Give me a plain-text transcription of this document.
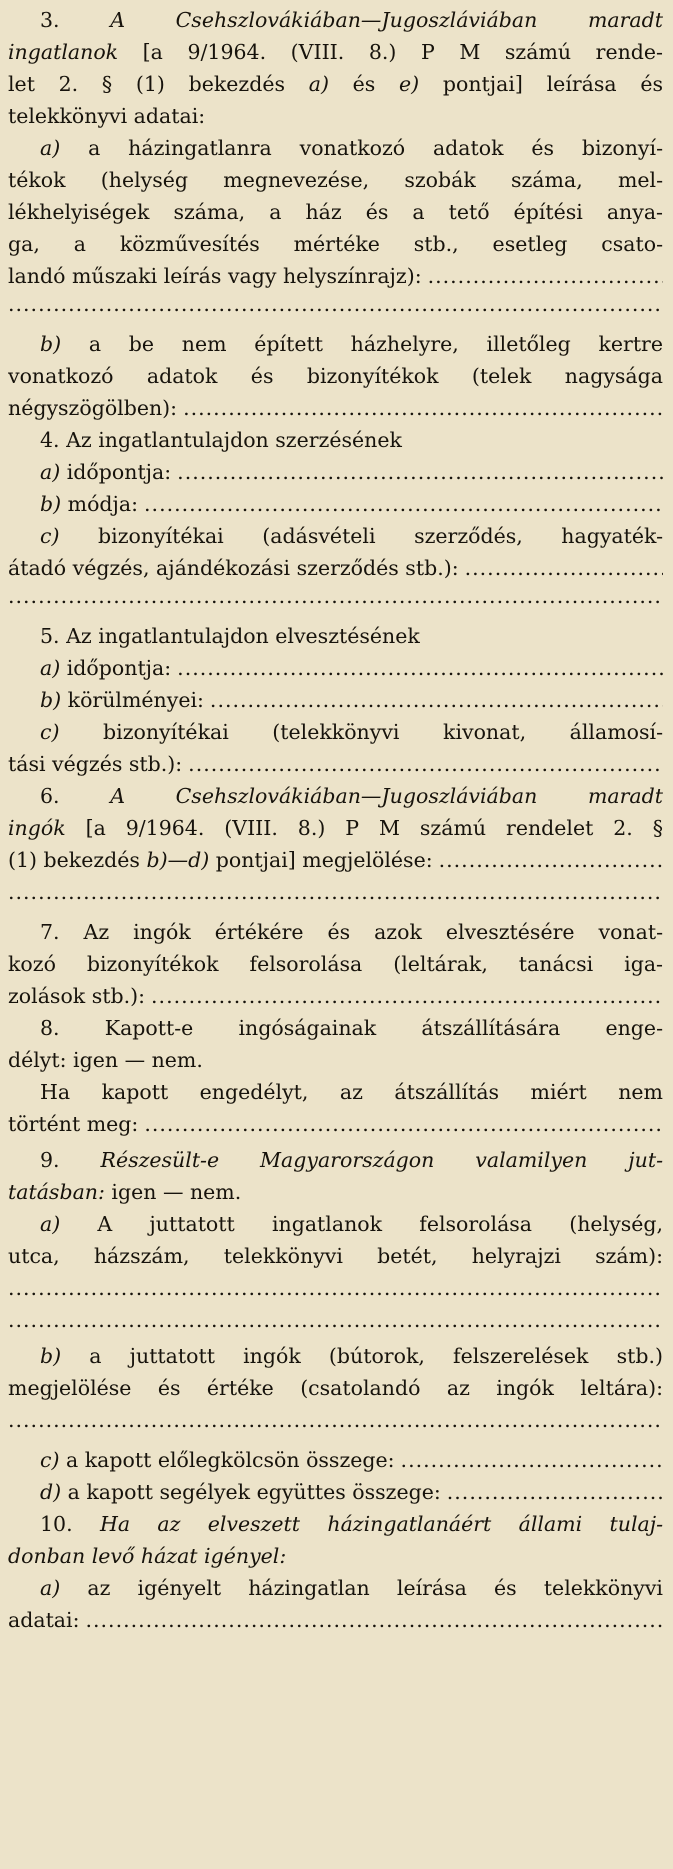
3. A Csehszlovákiában—Jugoszláviában maradt
ingatlanok [a 9/1964. (VIII. 8.) P M számú rende-
let 2. § (1) bekezdés a) és e) pontjai] leírása és
telekkönyvi adatai:
a) a házingatlanra vonatkozó adatok és bizonyí-
tékok (helység megnevezése, szobák száma, mel-
lékhelyiségek száma, a ház és a tető építési anya-
ga, a közművesítés mértéke stb., esetleg csato-
landó műszaki leírás vagy helyszínrajz):
.....
.....
b) a be nem épített házhelyre, illetőleg kertre
vonatkozó adatok és bizonyítékok (telek nagysága
négyszögölben):
.....
4. Az ingatlantulajdon szerzésének
a) időpontja:
.....
b) módja:
.....
c) bizonyítékai (adásvételi szerződés, hagyaték-
átadó végzés, ajándékozási szerződés stb.):
.....
.....
5. Az ingatlantulajdon elvesztésének
a) időpontja:
.....
b) körülményei:
.....
c) bizonyítékai (telekkönyvi kivonat, államosí-
tási végzés stb.):
.....
6. A Csehszlovákiában—Jugoszláviában maradt
ingók [a 9/1964. (VIII. 8.) P M számú rendelet 2. §
(1) bekezdés b)—d) pontjai] megjelölése:
.....
.....
7. Az ingók értékére és azok elvesztésére vonat-
kozó bizonyítékok felsorolása (leltárak, tanácsi iga-
zolások stb.):
.....
8. Kapott-e ingóságainak átszállítására enge-
délyt: igen — nem.
Ha kapott engedélyt, az átszállítás miért nem
történt meg:
.....
9. Részesült-e Magyarországon valamilyen jut-
tatásban: igen — nem.
a) A juttatott ingatlanok felsorolása (helység,
utca, házszám, telekkönyvi betét, helyrajzi szám):
.....
.....
b) a juttatott ingók (bútorok, felszerelések stb.)
megjelölése és értéke (csatolandó az ingók leltára):
.....
c) a kapott előlegkölcsön összege:
.....
d) a kapott segélyek együttes összege:
.....
10. Ha az elveszett házingatlanáért állami tulaj-
donban levő házat igényel:
a) az igényelt házingatlan leírása és telekkönyvi
adatai:
.....
